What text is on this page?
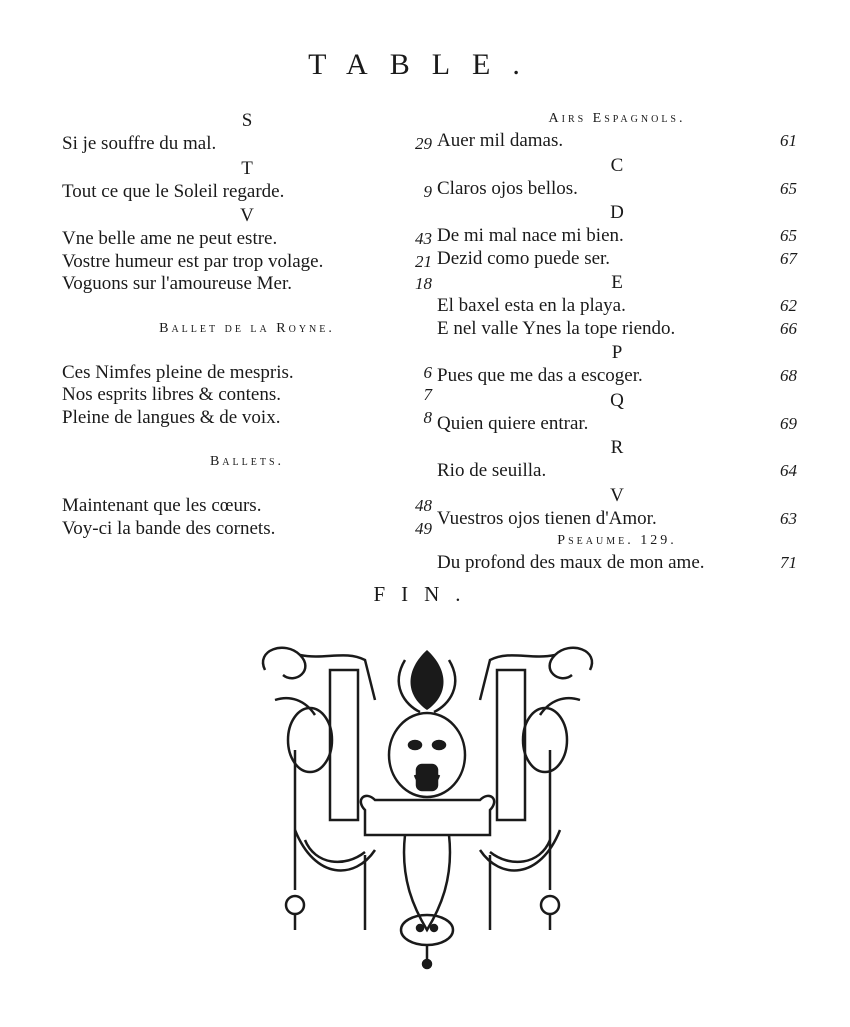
TABLE.
S
Si je souffre du mal.	29
T
Tout ce que le Soleil regarde.	9
V
Vne belle ame ne peut estre.	43
Vostre humeur est par trop volage.	21
Voguons sur l'amoureuse Mer.	18
Ballet de la Royne.
Ces Nimfes pleine de mespris.	6
Nos esprits libres & contens.	7
Pleine de langues & de voix.	8
Ballets.
Maintenant que les cœurs.	48
Voy-ci la bande des cornets.	49
Airs Espagnols.
Auer mil damas.	61
C
Claros ojos bellos.	65
D
De mi mal nace mi bien.	65
Dezid como puede ser.	67
E
El baxel esta en la playa.	62
E nel valle Ynes la tope riendo.	66
P
Pues que me das a escoger.	68
Q
Quien quiere entrar.	69
R
Rio de seuilla.	64
V
Vuestros ojos tienen d'Amor.	63
Pseaume. 129.
Du profond des maux de mon ame.	71
FIN.
